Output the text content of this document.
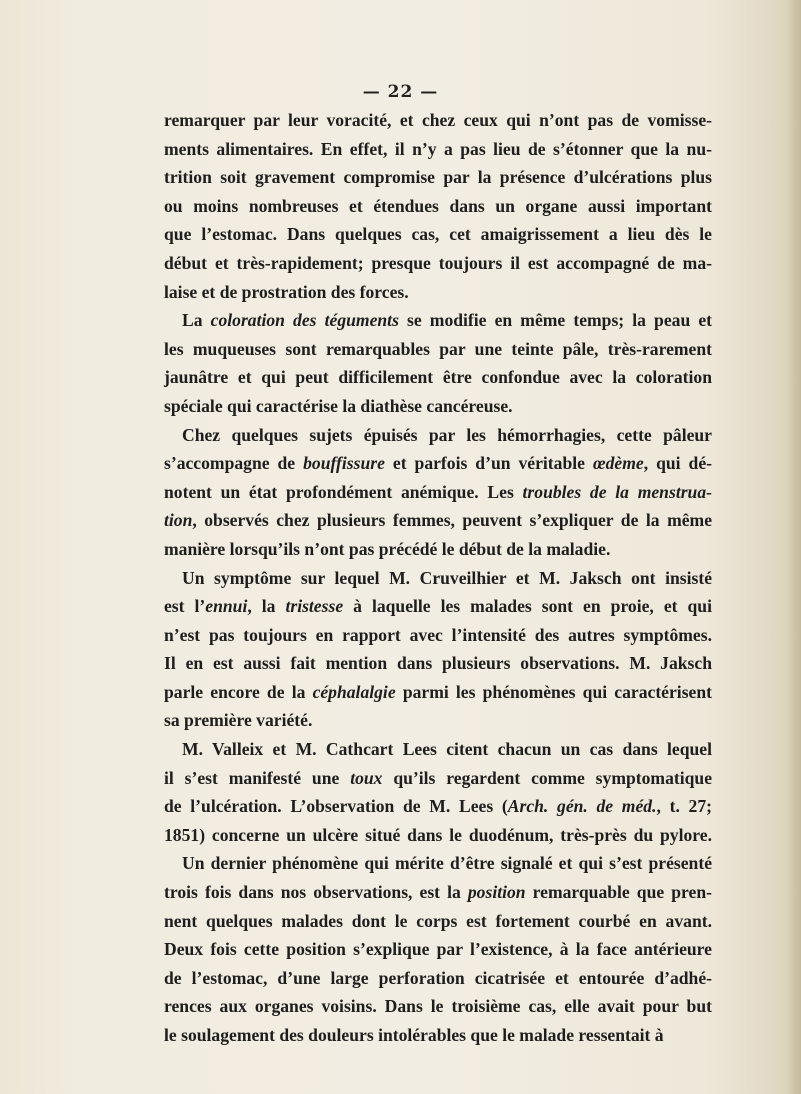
— 22 —
remarquer par leur voracité, et chez ceux qui n’ont pas de vomisse-
ments alimentaires. En effet, il n’y a pas lieu de s’étonner que la nu-
trition soit gravement compromise par la présence d’ulcérations plus
ou moins nombreuses et étendues dans un organe aussi important
que l’estomac. Dans quelques cas, cet amaigrissement a lieu dès le
début et très-rapidement; presque toujours il est accompagné de ma-
laise et de prostration des forces.
La coloration des téguments se modifie en même temps; la peau et
les muqueuses sont remarquables par une teinte pâle, très-rarement
jaunâtre et qui peut difficilement être confondue avec la coloration
spéciale qui caractérise la diathèse cancéreuse.
Chez quelques sujets épuisés par les hémorrhagies, cette pâleur
s’accompagne de bouffissure et parfois d’un véritable œdème, qui dé-
notent un état profondément anémique. Les troubles de la menstrua-
tion, observés chez plusieurs femmes, peuvent s’expliquer de la même
manière lorsqu’ils n’ont pas précédé le début de la maladie.
Un symptôme sur lequel M. Cruveilhier et M. Jaksch ont insisté
est l’ennui, la tristesse à laquelle les malades sont en proie, et qui
n’est pas toujours en rapport avec l’intensité des autres symptômes.
Il en est aussi fait mention dans plusieurs observations. M. Jaksch
parle encore de la céphalalgie parmi les phénomènes qui caractérisent
sa première variété.
M. Valleix et M. Cathcart Lees citent chacun un cas dans lequel
il s’est manifesté une toux qu’ils regardent comme symptomatique
de l’ulcération. L’observation de M. Lees (Arch. gén. de méd., t. 27;
1851) concerne un ulcère situé dans le duodénum, très-près du pylore.
Un dernier phénomène qui mérite d’être signalé et qui s’est présenté
trois fois dans nos observations, est la position remarquable que pren-
nent quelques malades dont le corps est fortement courbé en avant.
Deux fois cette position s’explique par l’existence, à la face antérieure
de l’estomac, d’une large perforation cicatrisée et entourée d’adhé-
rences aux organes voisins. Dans le troisième cas, elle avait pour but
le soulagement des douleurs intolérables que le malade ressentait à
